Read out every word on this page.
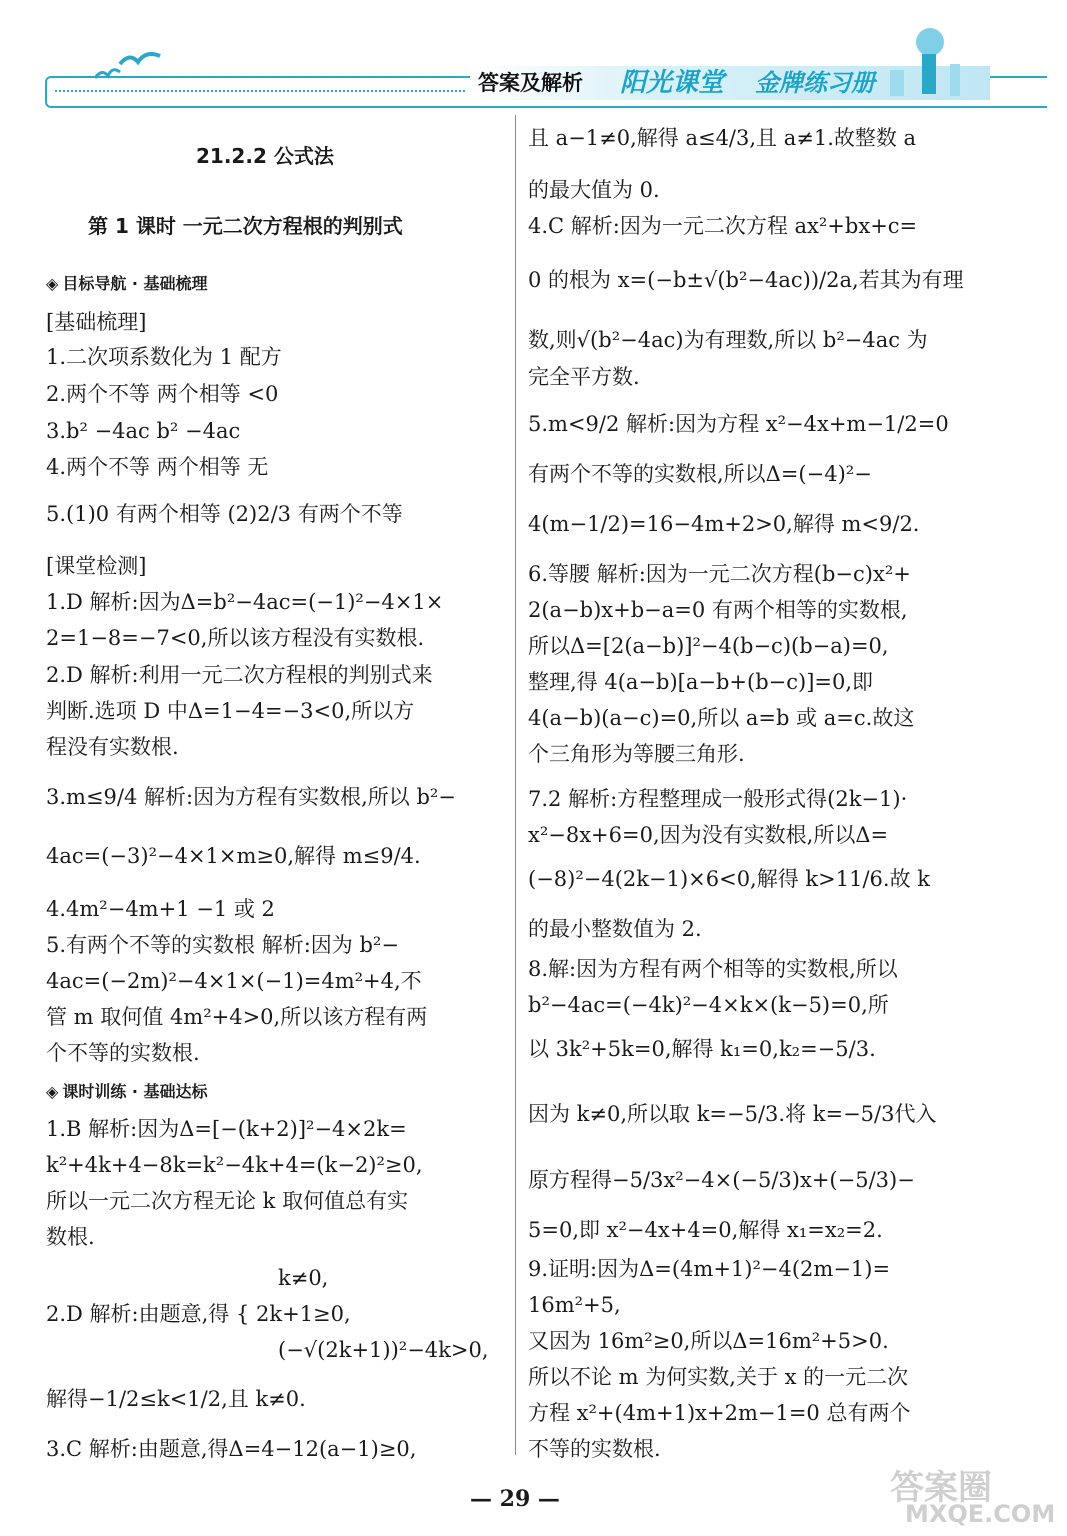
答案及解析 阳光课堂 金牌练习册
21.2.2 公式法
第 1 课时 一元二次方程根的判别式
◈ 目标导航 · 基础梳理
[基础梳理]
1.二次项系数化为 1 配方
2.两个不等 两个相等 <0
3.b² −4ac b² −4ac
4.两个不等 两个相等 无
5.(1)0 有两个相等 (2)2/3 有两个不等
[课堂检测]
1.D 解析:因为Δ=b²−4ac=(−1)²−4×1×
2=1−8=−7<0,所以该方程没有实数根.
2.D 解析:利用一元二次方程根的判别式来
判断.选项 D 中Δ=1−4=−3<0,所以方
程没有实数根.
3.m≤9/4 解析:因为方程有实数根,所以 b²−
4ac=(−3)²−4×1×m≥0,解得 m≤9/4.
4.4m²−4m+1 −1 或 2
5.有两个不等的实数根 解析:因为 b²−
4ac=(−2m)²−4×1×(−1)=4m²+4,不
管 m 取何值 4m²+4>0,所以该方程有两
个不等的实数根.
◈ 课时训练 · 基础达标
1.B 解析:因为Δ=[−(k+2)]²−4×2k=
k²+4k+4−8k=k²−4k+4=(k−2)²≥0,
所以一元二次方程无论 k 取何值总有实
数根.
k≠0,
2.D 解析:由题意,得 { 2k+1≥0,
(−√(2k+1))²−4k>0,
解得−1/2≤k<1/2,且 k≠0.
3.C 解析:由题意,得Δ=4−12(a−1)≥0,
且 a−1≠0,解得 a≤4/3,且 a≠1.故整数 a
的最大值为 0.
4.C 解析:因为一元二次方程 ax²+bx+c=
0 的根为 x=(−b±√(b²−4ac))/2a,若其为有理
数,则√(b²−4ac)为有理数,所以 b²−4ac 为
完全平方数.
5.m<9/2 解析:因为方程 x²−4x+m−1/2=0
有两个不等的实数根,所以Δ=(−4)²−
4(m−1/2)=16−4m+2>0,解得 m<9/2.
6.等腰 解析:因为一元二次方程(b−c)x²+
2(a−b)x+b−a=0 有两个相等的实数根,
所以Δ=[2(a−b)]²−4(b−c)(b−a)=0,
整理,得 4(a−b)[a−b+(b−c)]=0,即
4(a−b)(a−c)=0,所以 a=b 或 a=c.故这
个三角形为等腰三角形.
7.2 解析:方程整理成一般形式得(2k−1)·
x²−8x+6=0,因为没有实数根,所以Δ=
(−8)²−4(2k−1)×6<0,解得 k>11/6.故 k
的最小整数值为 2.
8.解:因为方程有两个相等的实数根,所以
b²−4ac=(−4k)²−4×k×(k−5)=0,所
以 3k²+5k=0,解得 k₁=0,k₂=−5/3.
因为 k≠0,所以取 k=−5/3.将 k=−5/3代入
原方程得−5/3x²−4×(−5/3)x+(−5/3)−
5=0,即 x²−4x+4=0,解得 x₁=x₂=2.
9.证明:因为Δ=(4m+1)²−4(2m−1)=
16m²+5,
又因为 16m²≥0,所以Δ=16m²+5>0.
所以不论 m 为何实数,关于 x 的一元二次
方程 x²+(4m+1)x+2m−1=0 总有两个
不等的实数根.
— 29 —	答案圈
MXQE.COM
